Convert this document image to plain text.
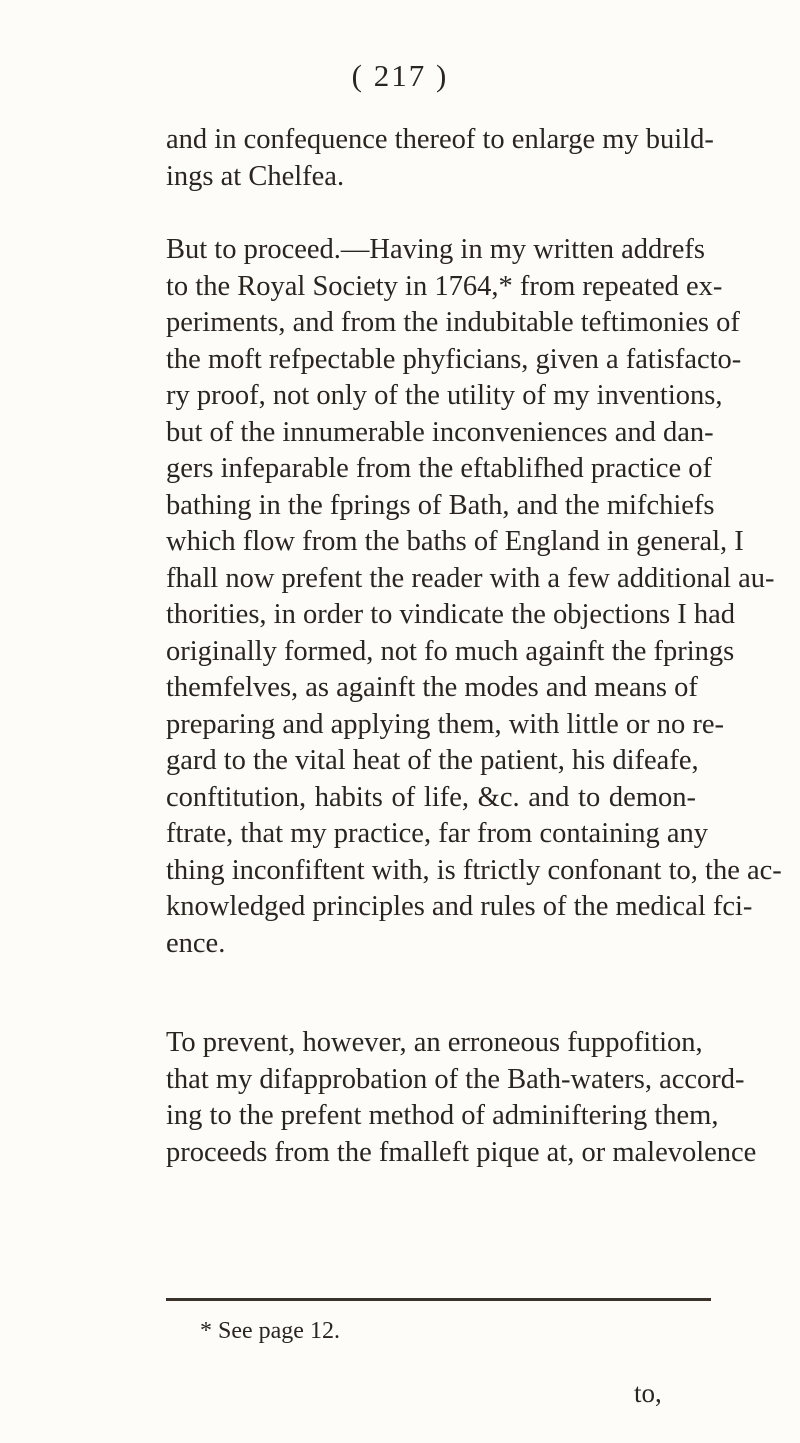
( 217 )
and in confequence thereof to enlarge my build-
ings at Chelfea.
But to proceed.—Having in my written addrefs
to the Royal Society in 1764,* from repeated ex-
periments, and from the indubitable teftimonies of
the moft refpectable phyficians, given a fatisfacto-
ry proof, not only of the utility of my inventions,
but of the innumerable inconveniences and dan-
gers infeparable from the eftablifhed practice of
bathing in the fprings of Bath, and the mifchiefs
which flow from the baths of England in general, I
fhall now prefent the reader with a few additional au-
thorities, in order to vindicate the objections I had
originally formed, not fo much againft the fprings
themfelves, as againft the modes and means of
preparing and applying them, with little or no re-
gard to the vital heat of the patient, his difeafe,
conftitution, habits of life, &c. and to demon-
ftrate, that my practice, far from containing any
thing inconfiftent with, is ftrictly confonant to, the ac-
knowledged principles and rules of the medical fci-
ence.
To prevent, however, an erroneous fuppofition,
that my difapprobation of the Bath-waters, accord-
ing to the prefent method of adminiftering them,
proceeds from the fmalleft pique at, or malevolence
* See page 12.
to,
